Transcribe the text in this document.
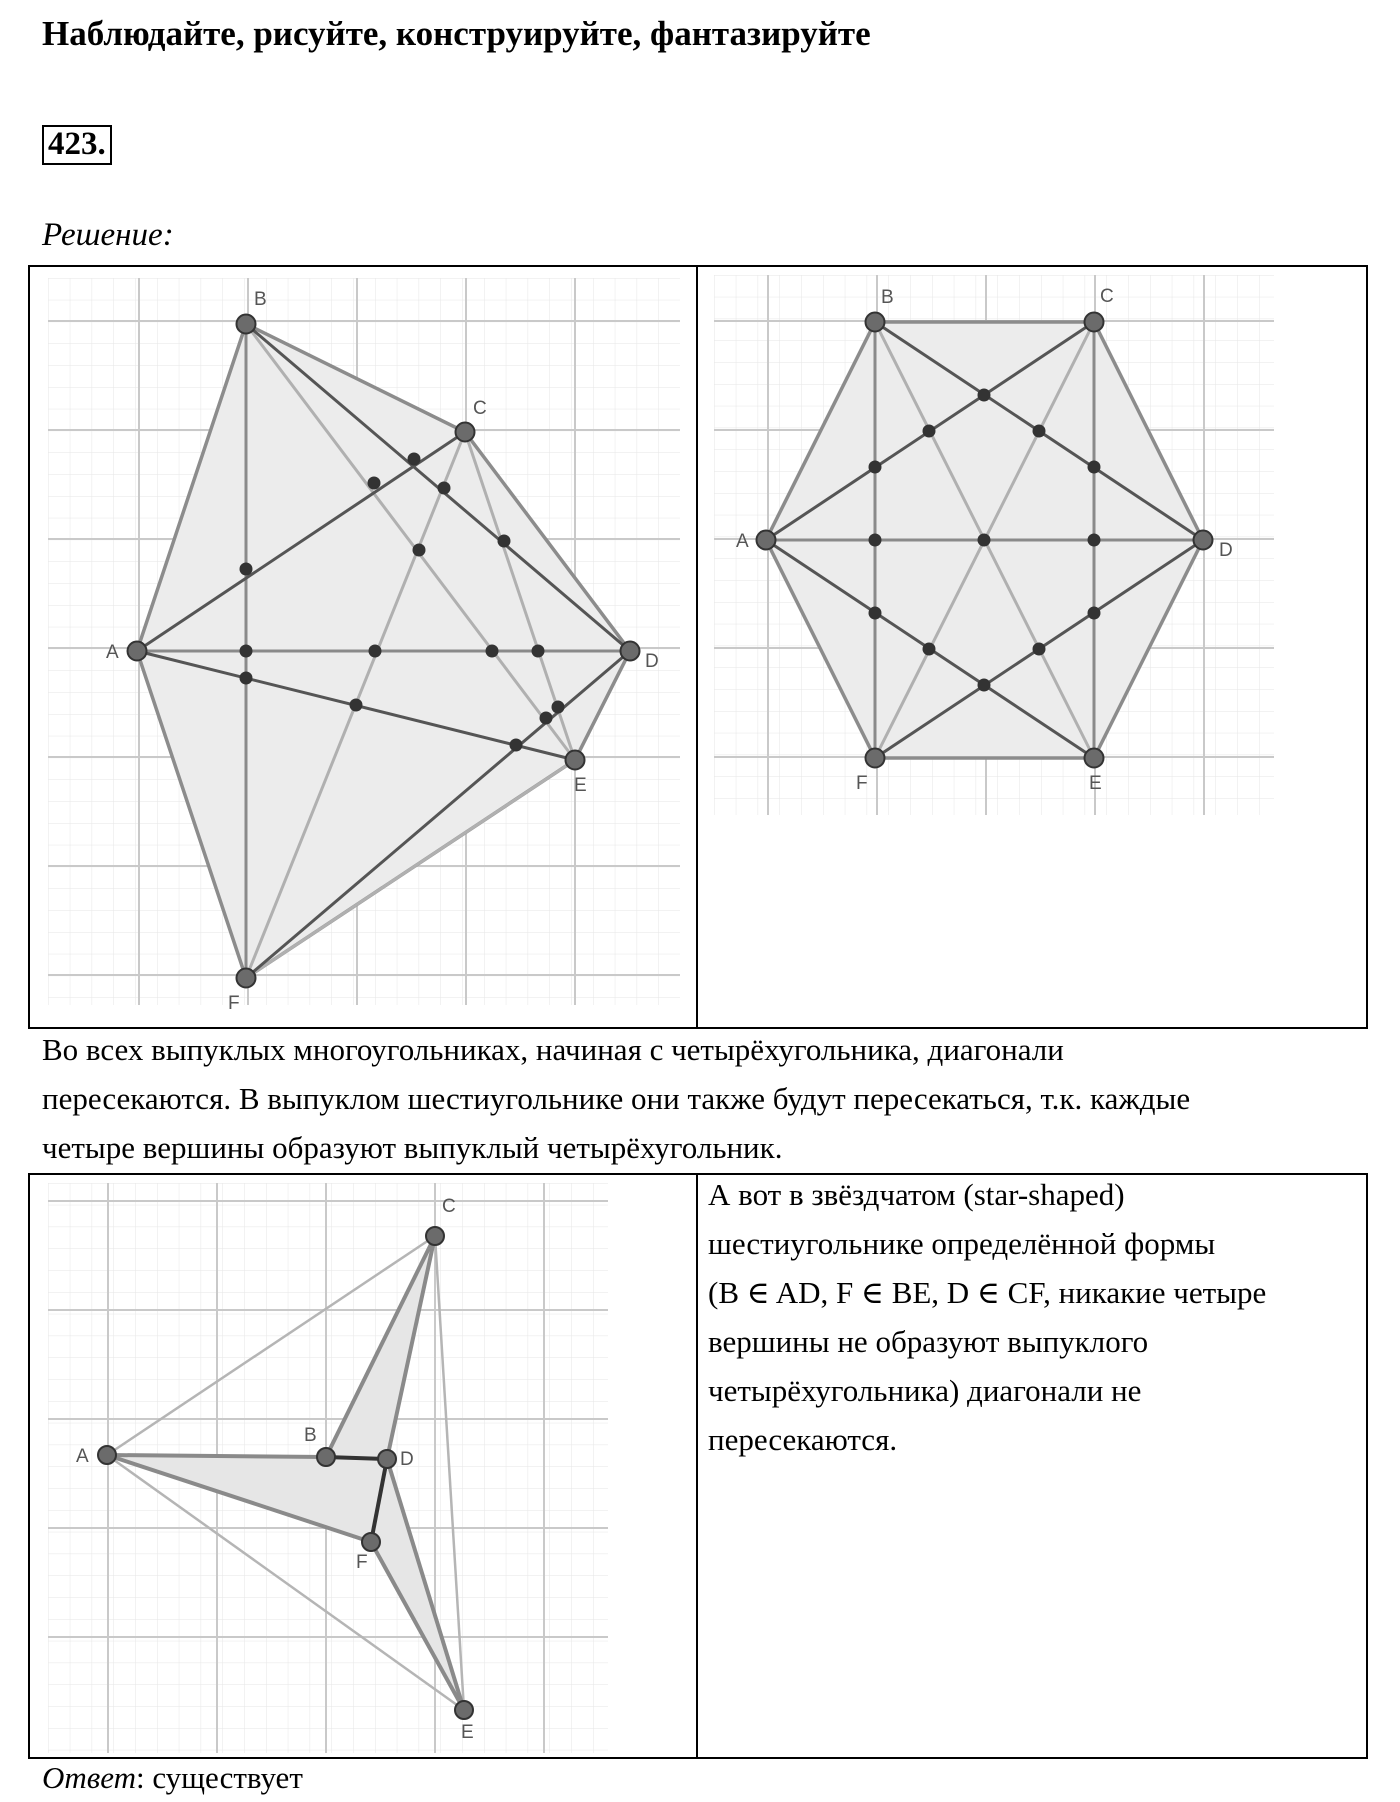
Наблюдайте, рисуйте, конструируйте, фантазируйте
423.
Решение:
A
B
C
D
E
F
A
B	C
D
E
F

Во всех выпуклых многоугольниках, начиная с четырёхугольника, диагонали
пересекаются. В выпуклом шестиугольнике они также будут пересекаться, т.к. каждые
четыре вершины образуют выпуклый четырёхугольник.

A
B
C
D
E
F

А вот в звёздчатом (star-shaped)
шестиугольнике определённой формы
(B ∈ AD, F ∈ BE, D ∈ CF, никакие четыре
вершины не образуют выпуклого
четырёхугольника) диагонали не
пересекаются.

Ответ: существует
